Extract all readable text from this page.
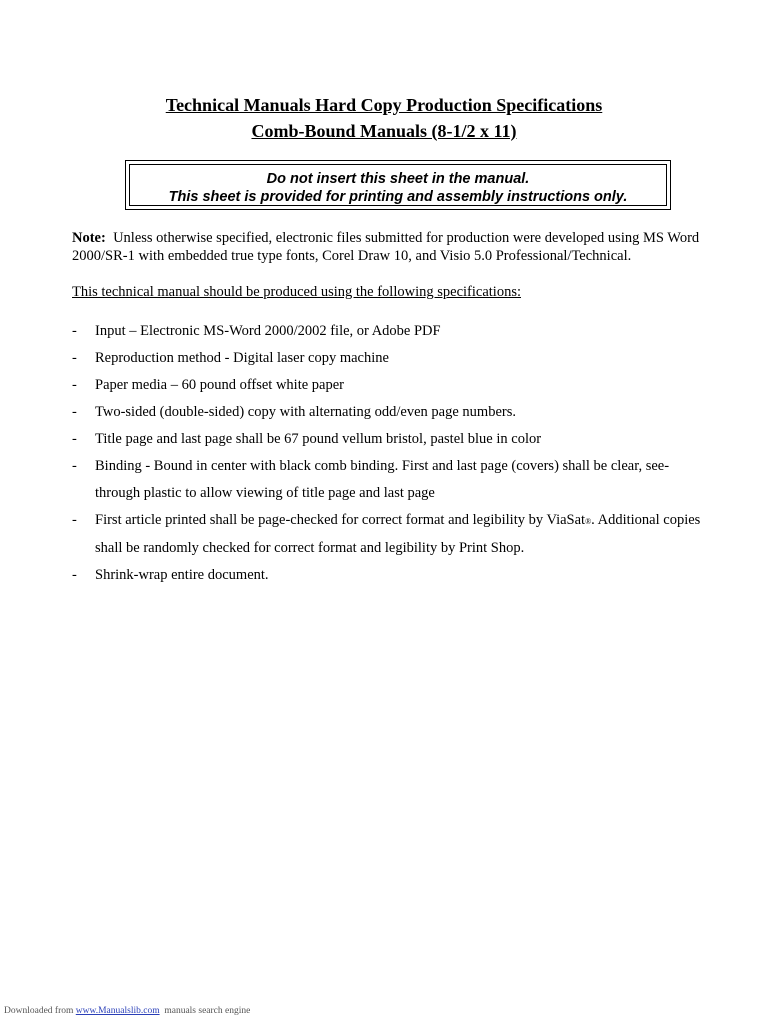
Technical Manuals Hard Copy Production Specifications
Comb-Bound Manuals (8-1/2 x 11)
Do not insert this sheet in the manual.
This sheet is provided for printing and assembly instructions only.

Note: Unless otherwise specified, electronic files submitted for production were developed using MS Word 2000/SR-1 with embedded true type fonts, Corel Draw 10, and Visio 5.0 Professional/Technical.

This technical manual should be produced using the following specifications:

- Input – Electronic MS-Word 2000/2002 file, or Adobe PDF
- Reproduction method - Digital laser copy machine
- Paper media – 60 pound offset white paper
- Two-sided (double-sided) copy with alternating odd/even page numbers.
- Title page and last page shall be 67 pound vellum bristol, pastel blue in color
- Binding - Bound in center with black comb binding. First and last page (covers) shall be clear, see-through plastic to allow viewing of title page and last page
- First article printed shall be page-checked for correct format and legibility by ViaSat®. Additional copies shall be randomly checked for correct format and legibility by Print Shop.
- Shrink-wrap entire document.
Downloaded from www.Manualslib.com manuals search engine
